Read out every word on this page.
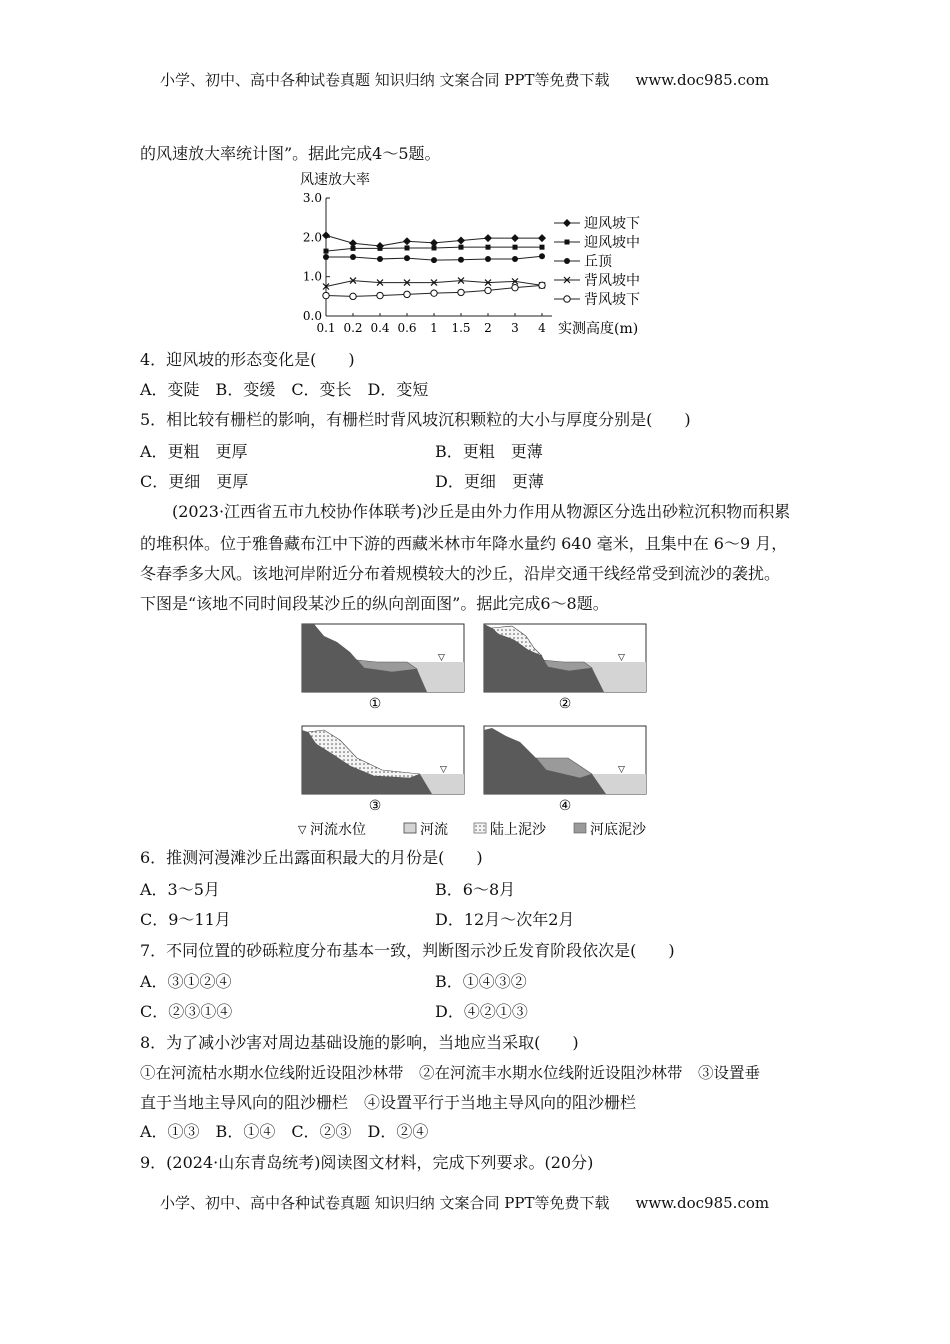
小学、初中、高中各种试卷真题 知识归纳 文案合同 PPT等免费下载 www.doc985.com
的风速放大率统计图”。据此完成4～5题。
风速放大率
0.0
1.0
2.0
3.0
0.1 0.2 0.4 0.6 1 1.5 2 3 4
迎风坡下
迎风坡中
丘顶
背风坡中
背风坡下
实测高度(m)
4．迎风坡的形态变化是(　　)
A．变陡　B．变缓　C．变长　D．变短
5．相比较有栅栏的影响，有栅栏时背风坡沉积颗粒的大小与厚度分别是(　　)
A．更粗　更厚	B．更粗　更薄
C．更细　更厚	D．更细　更薄
(2023·江西省五市九校协作体联考)沙丘是由外力作用从物源区分选出砂粒沉积物而积累
的堆积体。位于雅鲁藏布江中下游的西藏米林市年降水量约 640 毫米，且集中在 6～9 月，
冬春季多大风。该地河岸附近分布着规模较大的沙丘，沿岸交通干线经常受到流沙的袭扰。
下图是“该地不同时间段某沙丘的纵向剖面图”。据此完成6～8题。
▽
①
▽
②
▽
③
▽
④
▽ 河流水位	河流	陆上泥沙	河底泥沙
6．推测河漫滩沙丘出露面积最大的月份是(　　)
A．3～5月	B．6～8月
C．9～11月	D．12月～次年2月
7．不同位置的砂砾粒度分布基本一致，判断图示沙丘发育阶段依次是(　　)
A．③①②④	B．①④③②
C．②③①④	D．④②①③
8．为了减小沙害对周边基础设施的影响，当地应当采取(　　)
①在河流枯水期水位线附近设阻沙林带　②在河流丰水期水位线附近设阻沙林带　③设置垂
直于当地主导风向的阻沙栅栏　④设置平行于当地主导风向的阻沙栅栏
A．①③　B．①④　C．②③　D．②④
9．(2024·山东青岛统考)阅读图文材料，完成下列要求。(20分)
小学、初中、高中各种试卷真题 知识归纳 文案合同 PPT等免费下载 www.doc985.com
